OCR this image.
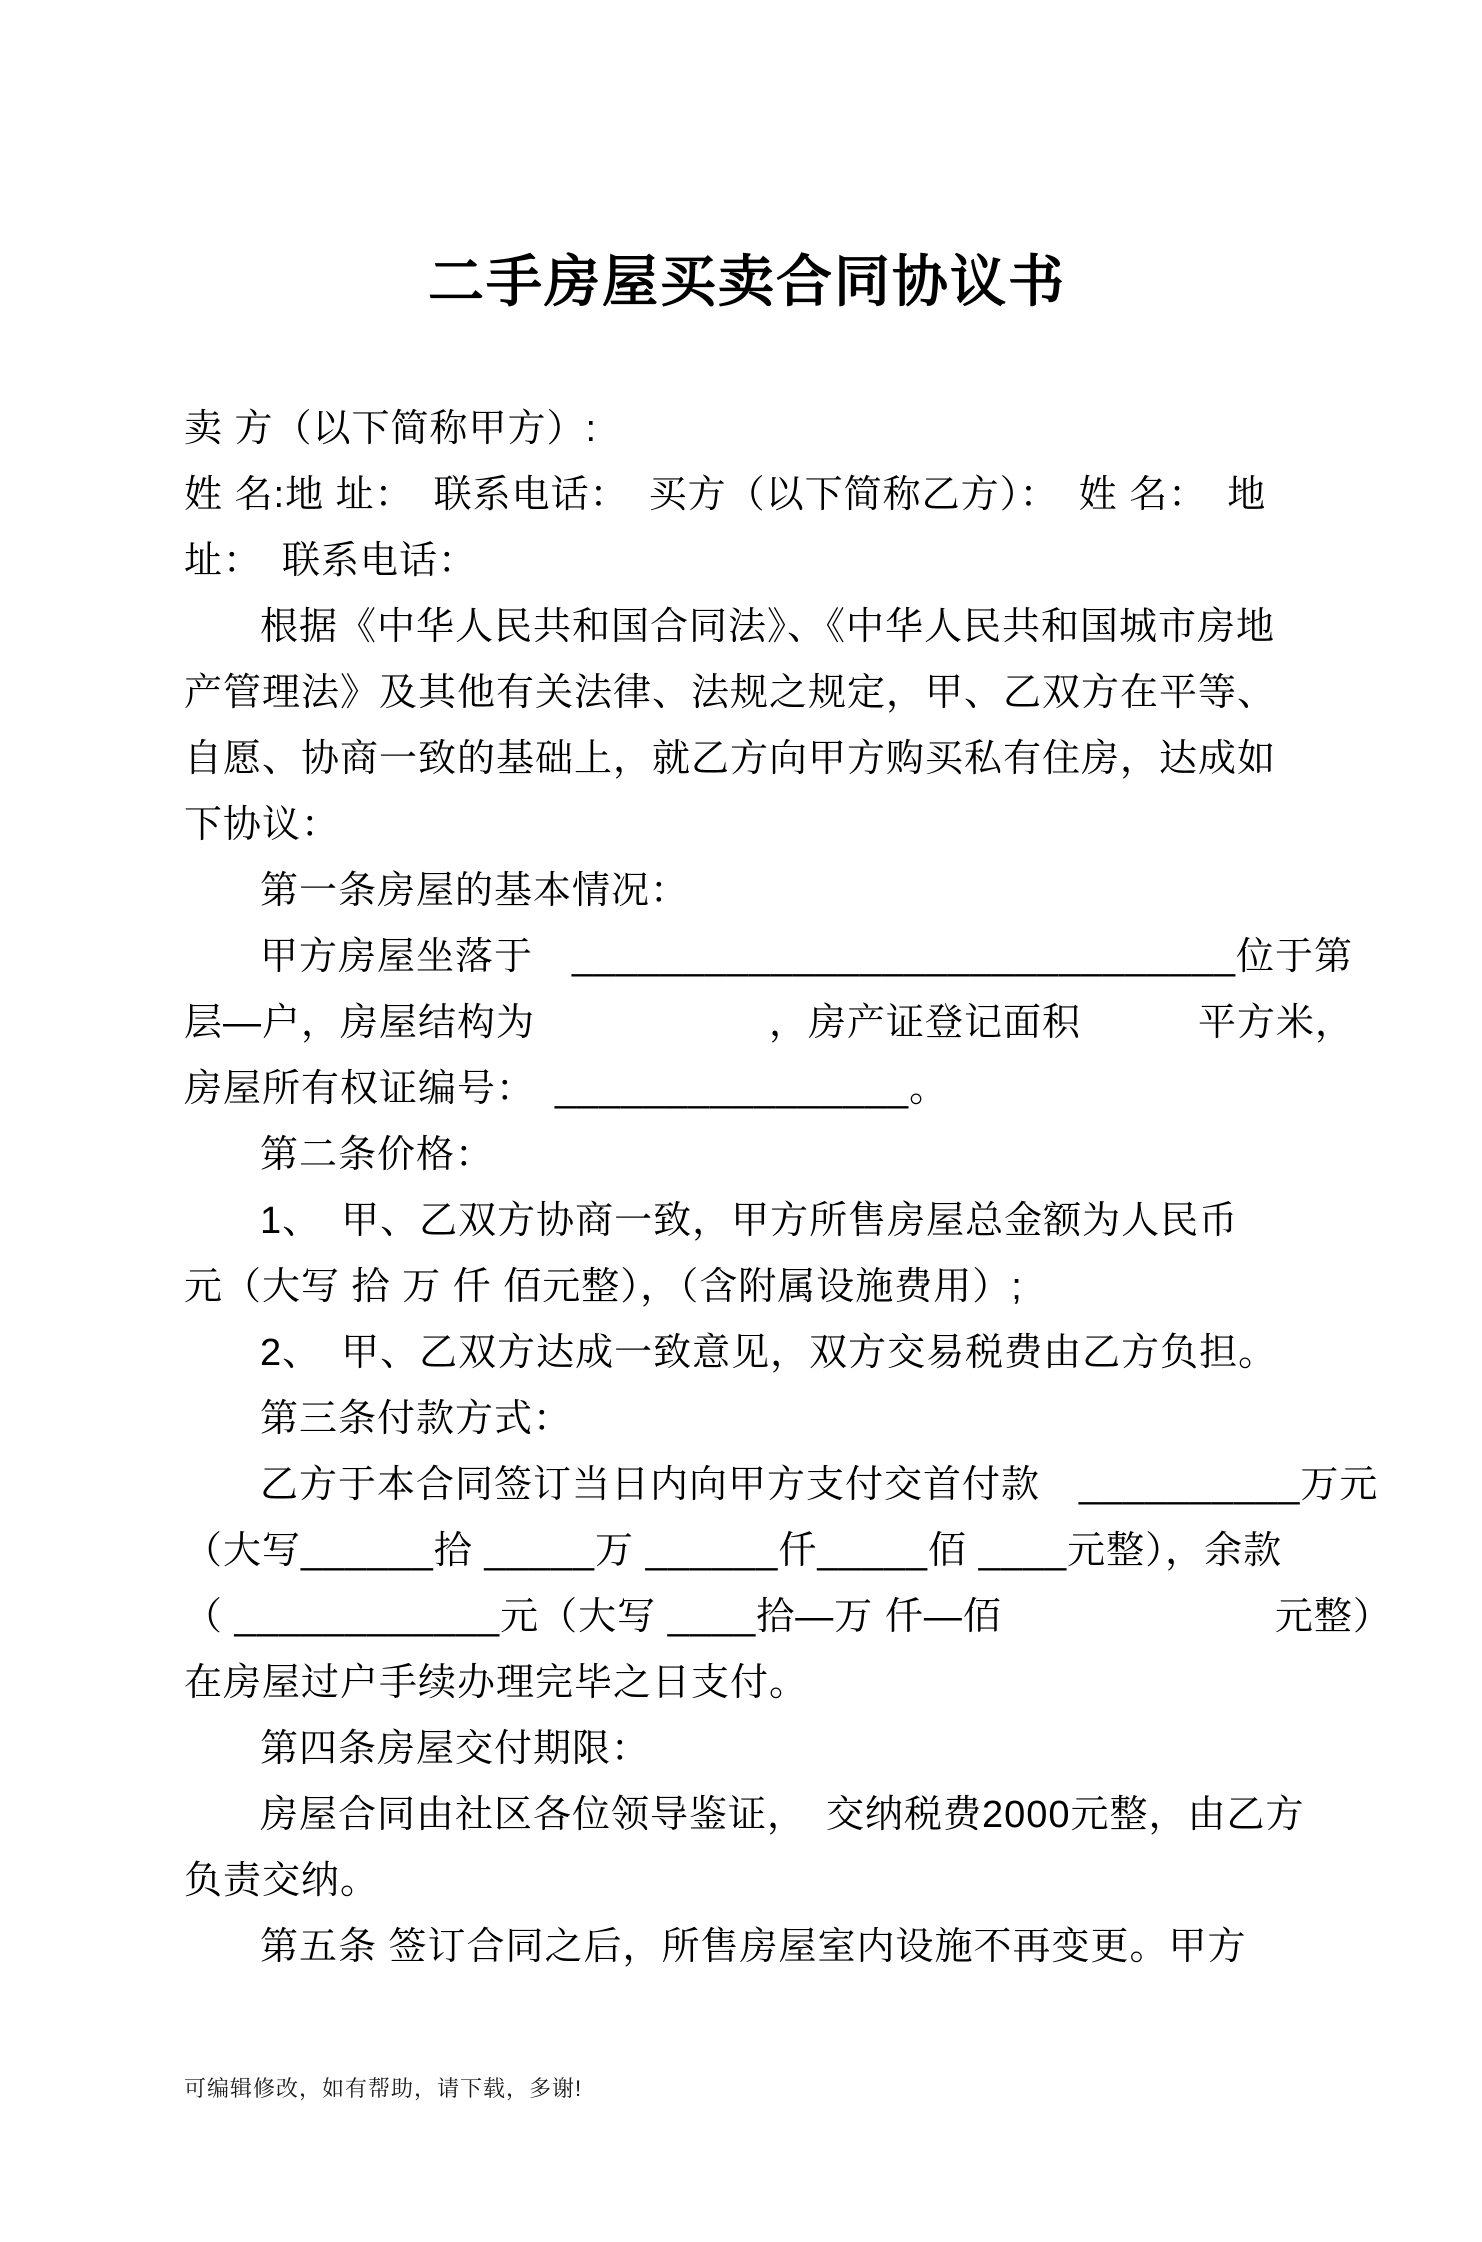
二手房屋买卖合同协议书
卖 方（以下简称甲方）:
姓 名:地 址：　联系电话：　买方（以下简称乙方）：　姓 名：　地
址：　联系电话：
根据《中华人民共和国合同法》、《中华人民共和国城市房地
产管理法》及其他有关法律、法规之规定，甲、乙双方在平等、
自愿、协商一致的基础上，就乙方向甲方购买私有住房，达成如
下协议：
第一条房屋的基本情况：
甲方房屋坐落于　______________________________位于第
层—户，房屋结构为　　　　　　，房产证登记面积　　　平方米，
房屋所有权证编号：　________________。
第二条价格：
1、　甲、乙双方协商一致，甲方所售房屋总金额为人民币
元（大写 拾 万 仟 佰元整），（含附属设施费用）;
2、　甲、乙双方达成一致意见，双方交易税费由乙方负担。
第三条付款方式：
乙方于本合同签订当日内向甲方支付交首付款　__________万元
（大写______拾 _____万 ______仟_____佰 ____元整），余款
（ ____________元（大写 ____拾—万 仟—佰　　　　　　　元整）
在房屋过户手续办理完毕之日支付。
第四条房屋交付期限：
房屋合同由社区各位领导鉴证，　交纳税费2000元整，由乙方
负责交纳。
第五条 签订合同之后，所售房屋室内设施不再变更。甲方
可编辑修改，如有帮助，请下载，多谢!
